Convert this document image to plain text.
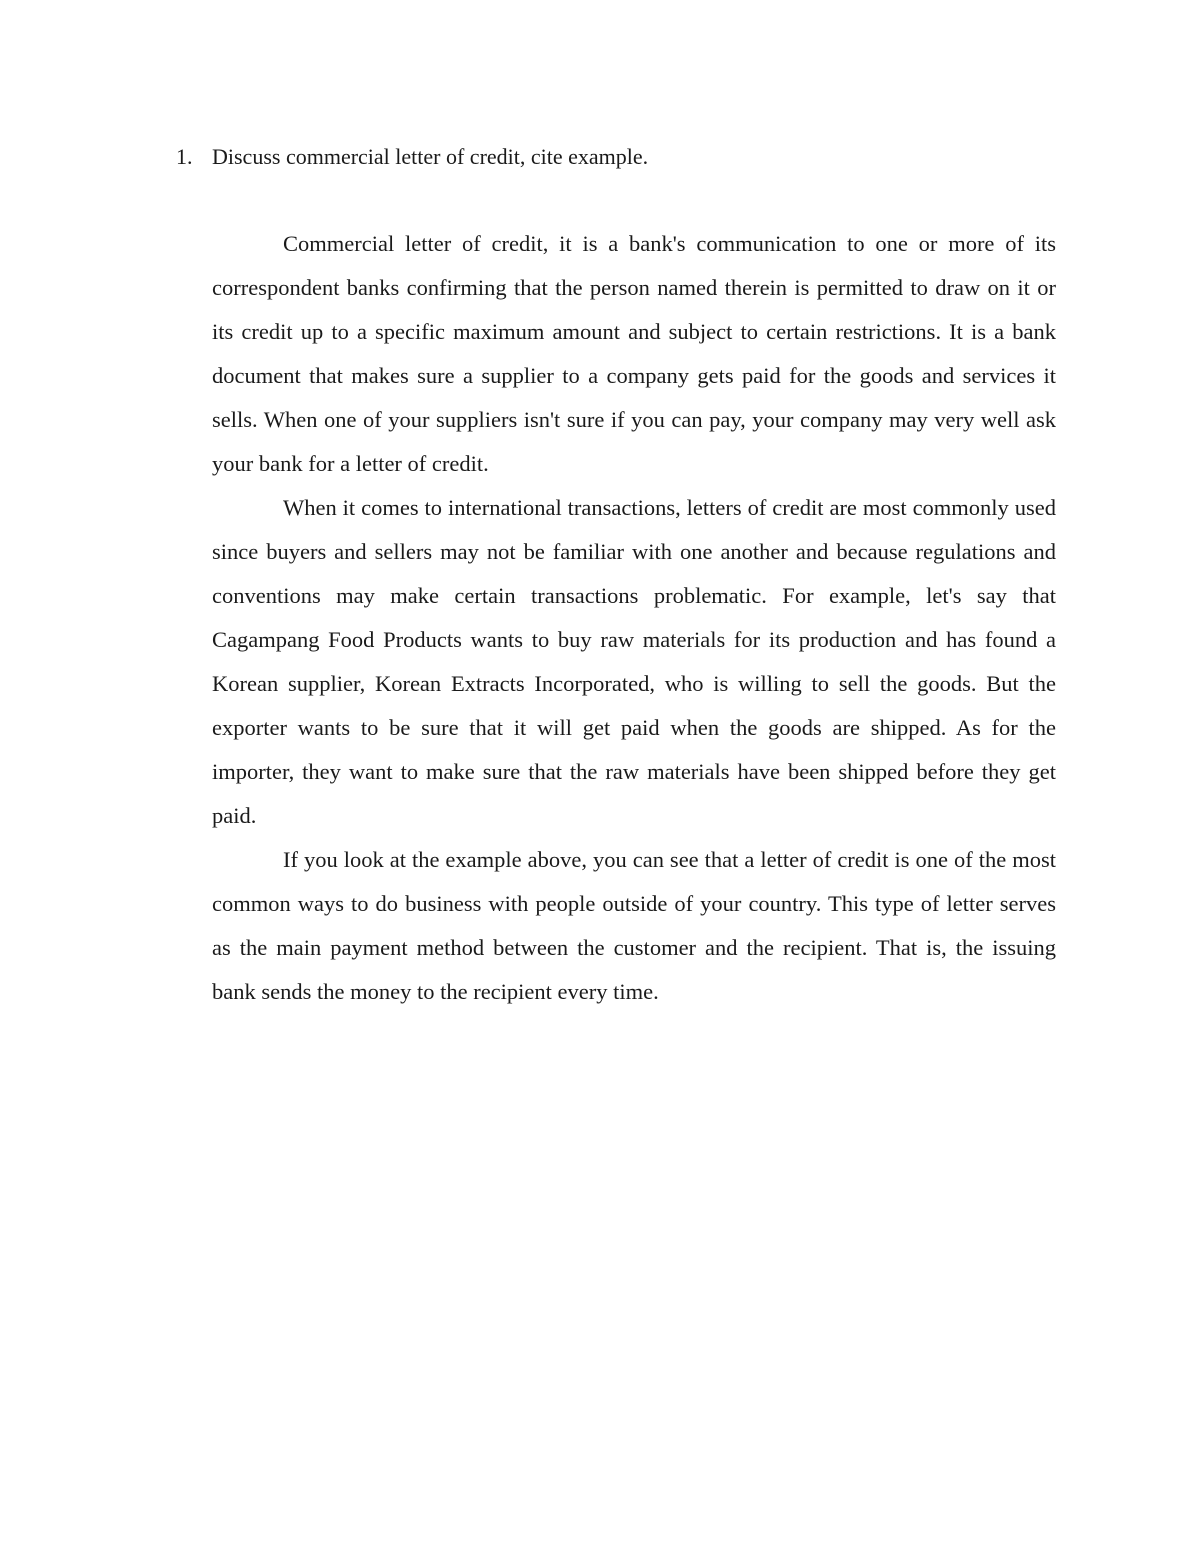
1. Discuss commercial letter of credit, cite example.

Commercial letter of credit, it is a bank's communication to one or more of its correspondent banks confirming that the person named therein is permitted to draw on it or its credit up to a specific maximum amount and subject to certain restrictions. It is a bank document that makes sure a supplier to a company gets paid for the goods and services it sells. When one of your suppliers isn't sure if you can pay, your company may very well ask your bank for a letter of credit.

When it comes to international transactions, letters of credit are most commonly used since buyers and sellers may not be familiar with one another and because regulations and conventions may make certain transactions problematic. For example, let's say that Cagampang Food Products wants to buy raw materials for its production and has found a Korean supplier, Korean Extracts Incorporated, who is willing to sell the goods. But the exporter wants to be sure that it will get paid when the goods are shipped. As for the importer, they want to make sure that the raw materials have been shipped before they get paid.

If you look at the example above, you can see that a letter of credit is one of the most common ways to do business with people outside of your country. This type of letter serves as the main payment method between the customer and the recipient. That is, the issuing bank sends the money to the recipient every time.
